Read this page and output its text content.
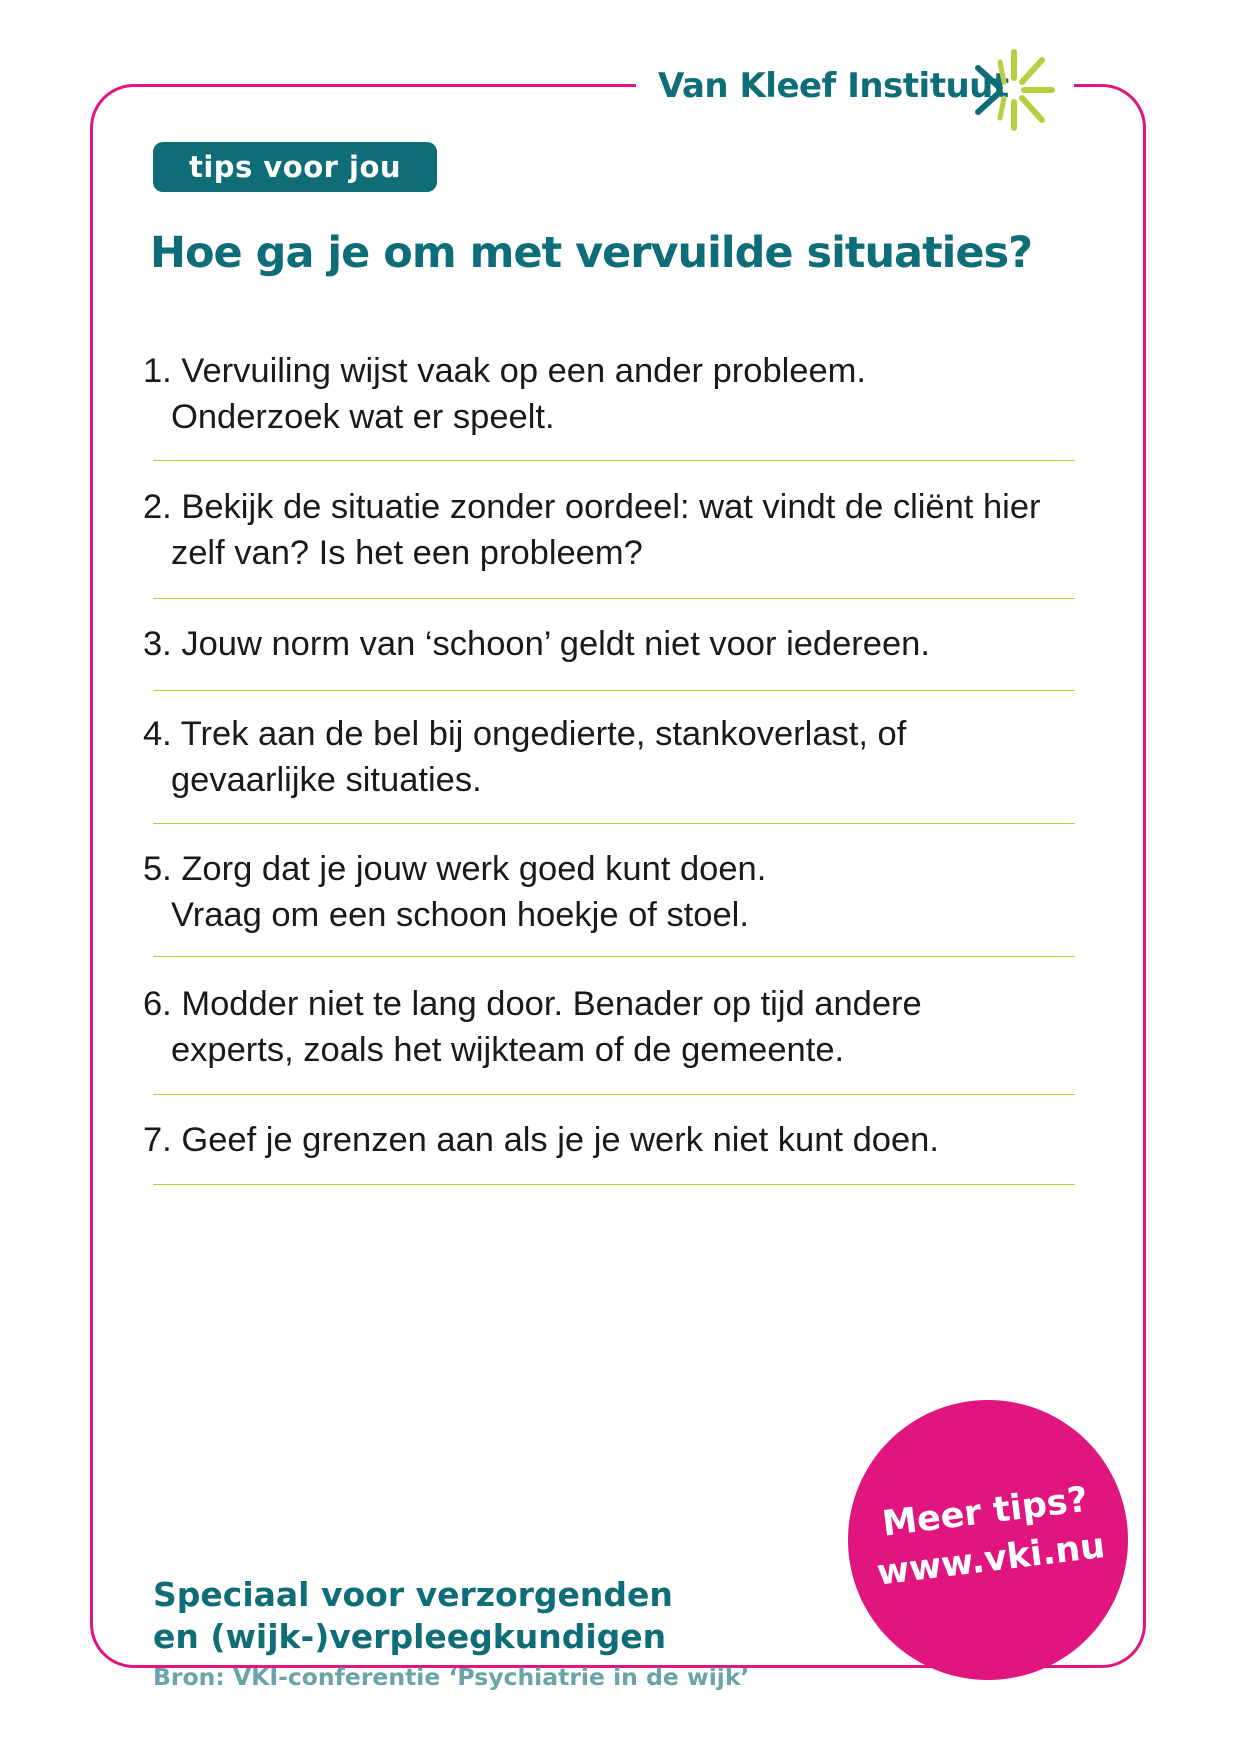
Van Kleef Instituut
tips voor jou
Hoe ga je om met vervuilde situaties?
1. Vervuiling wijst vaak op een ander probleem.
Onderzoek wat er speelt.
2. Bekijk de situatie zonder oordeel: wat vindt de cliënt hier
zelf van? Is het een probleem?
3. Jouw norm van ‘schoon’ geldt niet voor iedereen.
4. Trek aan de bel bij ongedierte, stankoverlast, of
gevaarlijke situaties.
5. Zorg dat je jouw werk goed kunt doen.
Vraag om een schoon hoekje of stoel.
6. Modder niet te lang door. Benader op tijd andere
experts, zoals het wijkteam of de gemeente.
7. Geef je grenzen aan als je je werk niet kunt doen.
Speciaal voor verzorgenden
en (wijk-)verpleegkundigen
Bron: VKI-conferentie ‘Psychiatrie in de wijk’
Meer tips?
www.vki.nu
